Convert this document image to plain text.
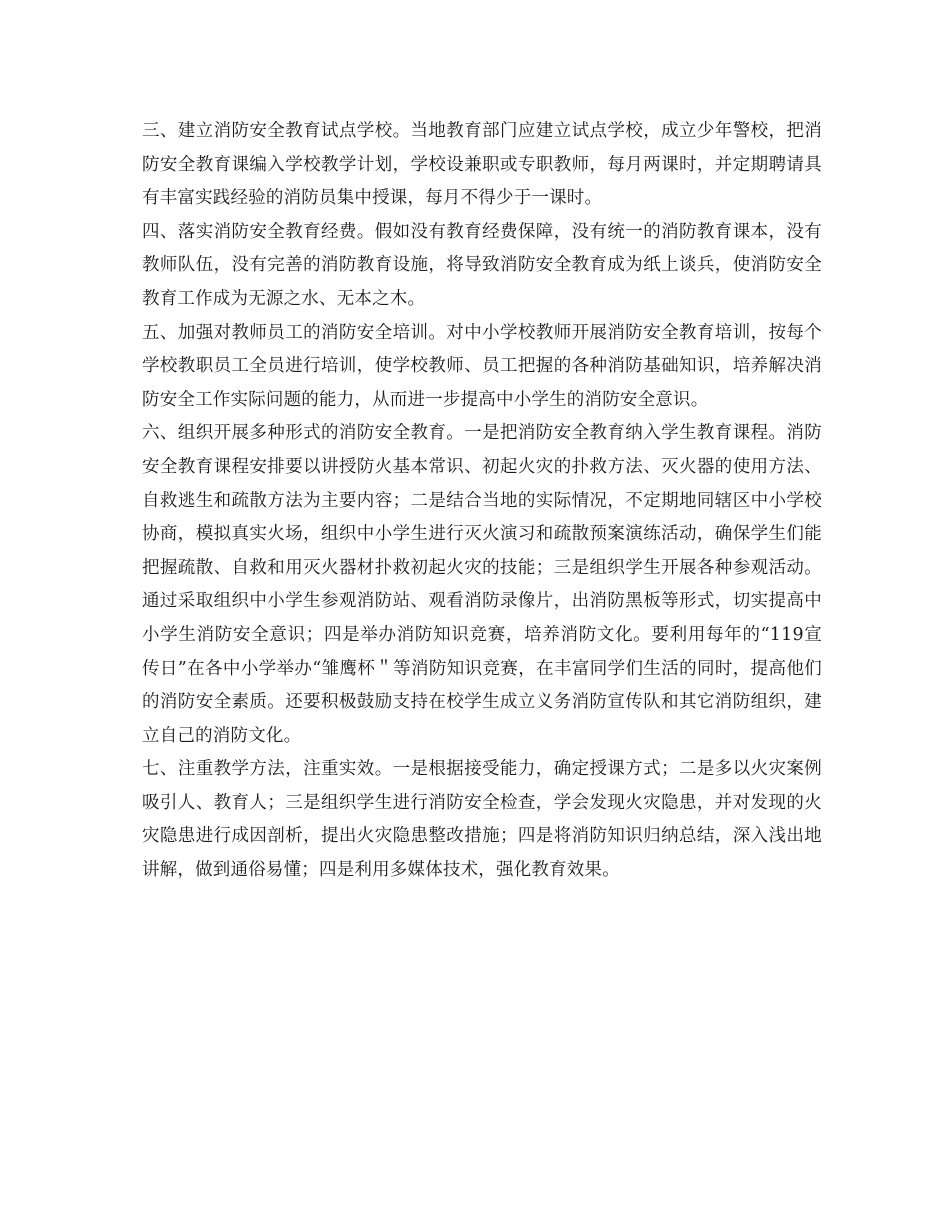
三、建立消防安全教育试点学校。当地教育部门应建立试点学校，成立少年警校，把消防安全教育课编入学校教学计划，学校设兼职或专职教师，每月两课时，并定期聘请具有丰富实践经验的消防员集中授课，每月不得少于一课时。

四、落实消防安全教育经费。假如没有教育经费保障，没有统一的消防教育课本，没有教师队伍，没有完善的消防教育设施，将导致消防安全教育成为纸上谈兵，使消防安全教育工作成为无源之水、无本之木。

五、加强对教师员工的消防安全培训。对中小学校教师开展消防安全教育培训，按每个学校教职员工全员进行培训，使学校教师、员工把握的各种消防基础知识，培养解决消防安全工作实际问题的能力，从而进一步提高中小学生的消防安全意识。

六、组织开展多种形式的消防安全教育。一是把消防安全教育纳入学生教育课程。消防安全教育课程安排要以讲授防火基本常识、初起火灾的扑救方法、灭火器的使用方法、自救逃生和疏散方法为主要内容；二是结合当地的实际情况，不定期地同辖区中小学校协商，模拟真实火场，组织中小学生进行灭火演习和疏散预案演练活动，确保学生们能把握疏散、自救和用灭火器材扑救初起火灾的技能；三是组织学生开展各种参观活动。通过采取组织中小学生参观消防站、观看消防录像片，出消防黑板等形式，切实提高中小学生消防安全意识；四是举办消防知识竞赛，培养消防文化。要利用每年的“119宣传日”在各中小学举办“雏鹰杯＂等消防知识竞赛，在丰富同学们生活的同时，提高他们的消防安全素质。还要积极鼓励支持在校学生成立义务消防宣传队和其它消防组织，建立自己的消防文化。

七、注重教学方法，注重实效。一是根据接受能力，确定授课方式；二是多以火灾案例吸引人、教育人；三是组织学生进行消防安全检查，学会发现火灾隐患，并对发现的火灾隐患进行成因剖析，提出火灾隐患整改措施；四是将消防知识归纳总结，深入浅出地讲解，做到通俗易懂；四是利用多媒体技术，强化教育效果。
